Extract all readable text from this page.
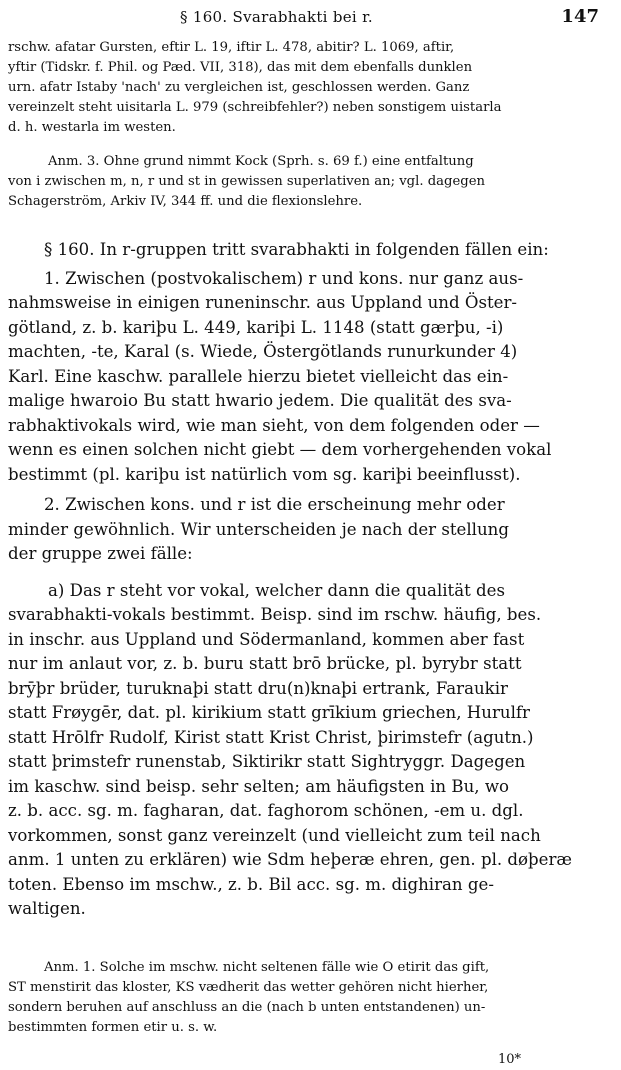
§ 160. Svarabhakti bei r.	147
rschw. afatar Gursten, eftir L. 19, iftir L. 478, abitir? L. 1069, aftir,
yftir (Tidskr. f. Phil. og Pæd. VII, 318), das mit dem ebenfalls dunklen
urn. afatr Istaby 'nach' zu vergleichen ist, geschlossen werden. Ganz
vereinzelt steht uisitarla L. 979 (schreibfehler?) neben sonstigem uistarla
d. h. westarla im westen.
Anm. 3. Ohne grund nimmt Kock (Sprh. s. 69 f.) eine entfaltung
von i zwischen m, n, r und st in gewissen superlativen an; vgl. dagegen
Schagerström, Arkiv IV, 344 ff. und die flexionslehre.
§ 160. In r-gruppen tritt svarabhakti in folgenden fällen ein:
1. Zwischen (postvokalischem) r und kons. nur ganz aus-
nahmsweise in einigen runeninschr. aus Uppland und Öster-
götland, z. b. kariþu L. 449, kariþi L. 1148 (statt gærþu, -i)
machten, -te, Karal (s. Wiede, Östergötlands runurkunder 4)
Karl. Eine kaschw. parallele hierzu bietet vielleicht das ein-
malige hwaroio Bu statt hwario jedem. Die qualität des sva-
rabhaktivokals wird, wie man sieht, von dem folgenden oder —
wenn es einen solchen nicht giebt — dem vorhergehenden vokal
bestimmt (pl. kariþu ist natürlich vom sg. kariþi beeinflusst).
2. Zwischen kons. und r ist die erscheinung mehr oder
minder gewöhnlich. Wir unterscheiden je nach der stellung
der gruppe zwei fälle:
a) Das r steht vor vokal, welcher dann die qualität des
svarabhakti-vokals bestimmt. Beisp. sind im rschw. häufig, bes.
in inschr. aus Uppland und Södermanland, kommen aber fast
nur im anlaut vor, z. b. buru statt brō brücke, pl. byrybr statt
brȳþr brüder, turuknaþi statt dru(n)knaþi ertrank, Faraukir
statt Frøygēr, dat. pl. kirikium statt grīkium griechen, Hurulfr
statt Hrōlfr Rudolf, Kirist statt Krist Christ, þirimstefr (agutn.)
statt þrimstefr runenstab, Siktirikr statt Sightryggr. Dagegen
im kaschw. sind beisp. sehr selten; am häufigsten in Bu, wo
z. b. acc. sg. m. fagharan, dat. faghorom schönen, -em u. dgl.
vorkommen, sonst ganz vereinzelt (und vielleicht zum teil nach
anm. 1 unten zu erklären) wie Sdm heþeræ ehren, gen. pl. døþeræ
toten. Ebenso im mschw., z. b. Bil acc. sg. m. dighiran ge-
waltigen.
Anm. 1. Solche im mschw. nicht seltenen fälle wie O etirit das gift,
ST menstirit das kloster, KS vædherit das wetter gehören nicht hierher,
sondern beruhen auf anschluss an die (nach b unten entstandenen) un-
bestimmten formen etir u. s. w.
10*
